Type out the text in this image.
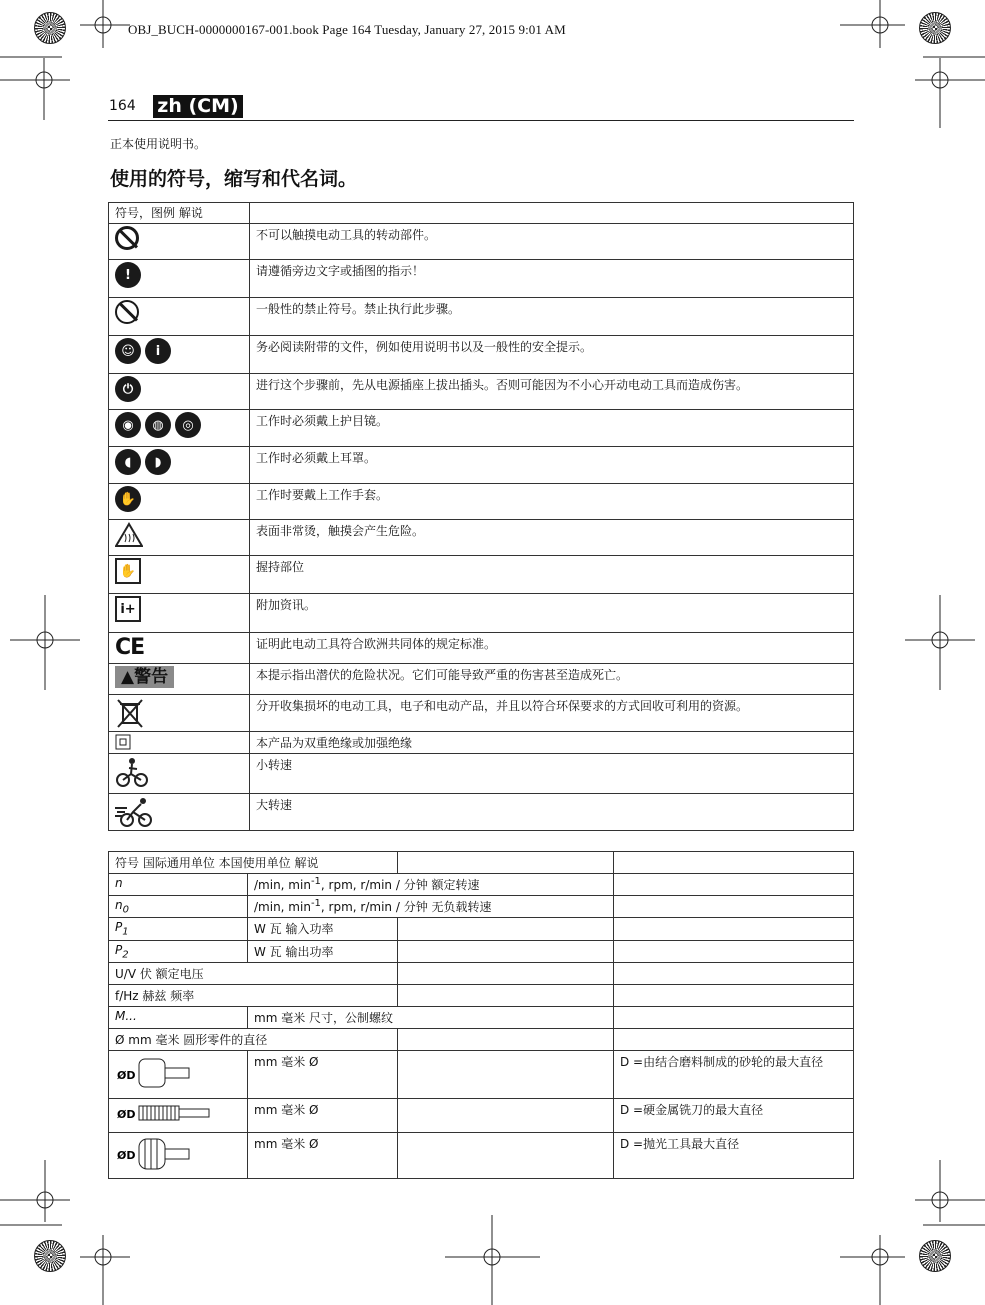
OBJ_BUCH-0000000167-001.book Page 164 Tuesday, January 27, 2015 9:01 AM
164 zh (CM)
正本使用说明书。
使用的符号，缩写和代名词。
符号，图例 解说	

	不可以触摸电动工具的转动部件。

!	请遵循旁边文字或插图的指示！

	一般性的禁止符号。禁止执行此步骤。

☺ i	务必阅读附带的文件，例如使用说明书以及一般性的安全提示。

⏻	进行这个步骤前，先从电源插座上拔出插头。否则可能因为不小心开动电动工具而造成伤害。

◉ ◍ ◎	工作时必须戴上护目镜。

◖ ◗	工作时必须戴上耳罩。

✋	工作时要戴上工作手套。

	表面非常烫，触摸会产生危险。

✋	握持部位

i+	附加资讯。

CE	证明此电动工具符合欧洲共同体的规定标准。

▲警告	本提示指出潜伏的危险状况。它们可能导致严重的伤害甚至造成死亡。

	分开收集损坏的电动工具，电子和电动产品，并且以符合环保要求的方式回收可利用的资源。

	本产品为双重绝缘或加强绝缘

	小转速

	大转速
符号 国际通用单位 本国使用单位 解说			
n	/min, $\min^{-1}$, rpm, r/min / 分钟 额定转速		
$n_0$	/min, $\min^{-1}$, rpm, r/min / 分钟 无负载转速		
$P_1$	W 瓦 输入功率		
$P_2$	W 瓦 输出功率		
U/V 伏 额定电压			
f/Hz 赫兹 频率			
M...	mm 毫米 尺寸，公制螺纹		
Ø mm 毫米 圆形零件的直径			

ØD	mm 毫米 Ø		D =由结合磨料制成的砂轮的最大直径

ØD	mm 毫米 Ø		D =硬金属铣刀的最大直径

ØD	mm 毫米 Ø		D =抛光工具最大直径
